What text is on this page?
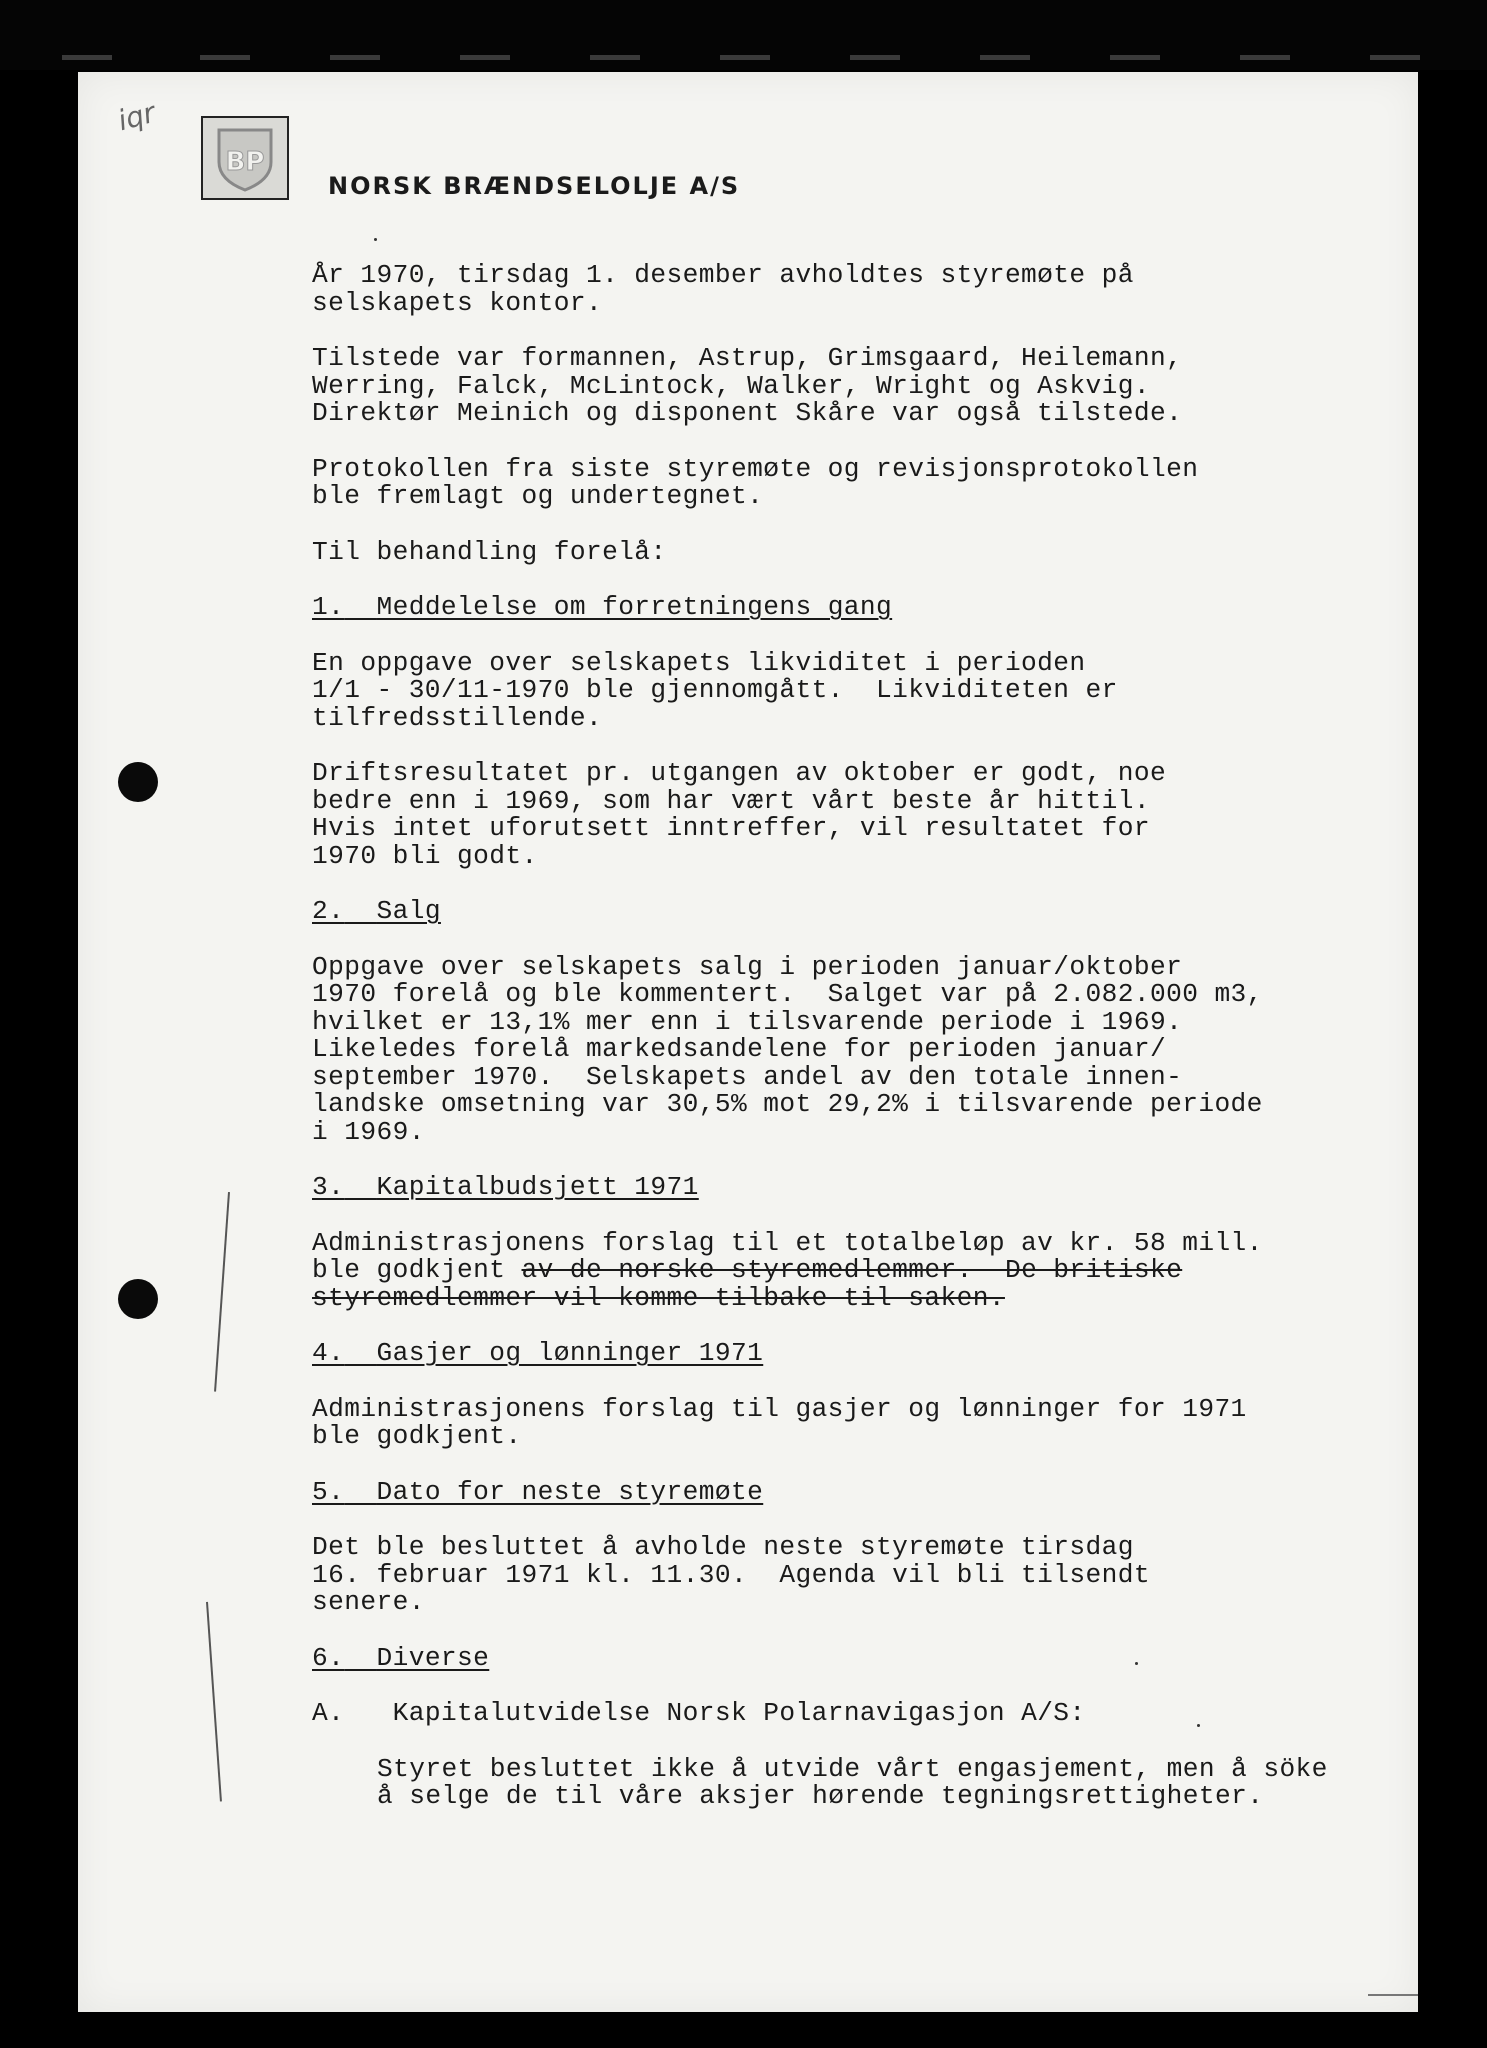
iqr
BP
NORSK BRÆNDSELOLJE A/S

År 1970, tirsdag 1. desember avholdtes styremøte på
selskapets kontor.

Tilstede var formannen, Astrup, Grimsgaard, Heilemann,
Werring, Falck, McLintock, Walker, Wright og Askvig.
Direktør Meinich og disponent Skåre var også tilstede.

Protokollen fra siste styremøte og revisjonsprotokollen
ble fremlagt og undertegnet.

Til behandling forelå:

1. Meddelelse om forretningens gang

En oppgave over selskapets likviditet i perioden
1/1 - 30/11-1970 ble gjennomgått.  Likviditeten er
tilfredsstillende.

Driftsresultatet pr. utgangen av oktober er godt, noe
bedre enn i 1969, som har vært vårt beste år hittil.
Hvis intet uforutsett inntreffer, vil resultatet for
1970 bli godt.

2. Salg

Oppgave over selskapets salg i perioden januar/oktober
1970 forelå og ble kommentert.  Salget var på 2.082.000 m3,
hvilket er 13,1% mer enn i tilsvarende periode i 1969.
Likeledes forelå markedsandelene for perioden januar/
september 1970.  Selskapets andel av den totale innen-
landske omsetning var 30,5% mot 29,2% i tilsvarende periode
i 1969.

3. Kapitalbudsjett 1971
Administrasjonens forslag til et totalbeløp av kr. 58 mill.
ble godkjent av de norske styremedlemmer.  De britiske
styremedlemmer vil komme tilbake til saken.
4. Gasjer og lønninger 1971

Administrasjonens forslag til gasjer og lønninger for 1971
ble godkjent.

5. Dato for neste styremøte

Det ble besluttet å avholde neste styremøte tirsdag
16. februar 1971 kl. 11.30.  Agenda vil bli tilsendt
senere.

6. Diverse
A. Kapitalutvidelse Norsk Polarnavigasjon A/S:

Styret besluttet ikke å utvide vårt engasjement, men å söke
å selge de til våre aksjer hørende tegningsrettigheter.
